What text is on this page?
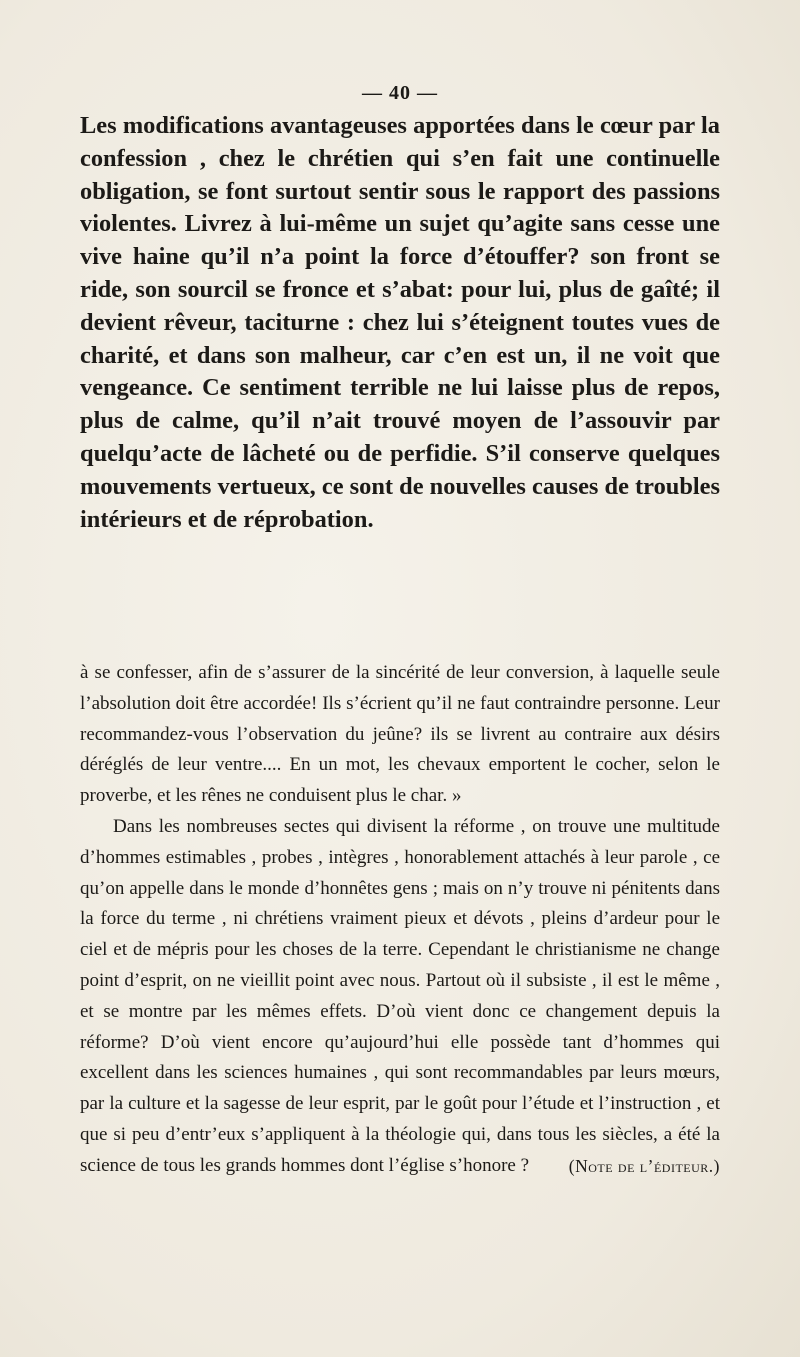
— 40 —

Les modifications avantageuses apportées dans le cœur par la confession , chez le chrétien qui s’en fait une continuelle obligation, se font surtout sentir sous le rapport des passions violentes. Livrez à lui-même un sujet qu’agite sans cesse une vive haine qu’il n’a point la force d’étouffer? son front se ride, son sourcil se fronce et s’abat: pour lui, plus de gaîté; il devient rêveur, taciturne : chez lui s’éteignent toutes vues de charité, et dans son malheur, car c’en est un, il ne voit que vengeance. Ce sentiment terrible ne lui laisse plus de repos, plus de calme, qu’il n’ait trouvé moyen de l’assouvir par quelqu’acte de lâcheté ou de perfidie. S’il conserve quelques mouvements vertueux, ce sont de nouvelles causes de troubles intérieurs et de réprobation.

à se confesser, afin de s’assurer de la sincérité de leur conversion, à laquelle seule l’absolution doit être accordée! Ils s’écrient qu’il ne faut contraindre personne. Leur recommandez-vous l’observation du jeûne? ils se livrent au contraire aux désirs déréglés de leur ventre.... En un mot, les chevaux emportent le cocher, selon le proverbe, et les rênes ne conduisent plus le char. »

Dans les nombreuses sectes qui divisent la réforme , on trouve une multitude d’hommes estimables , probes , intègres , honorablement attachés à leur parole , ce qu’on appelle dans le monde d’honnêtes gens ; mais on n’y trouve ni pénitents dans la force du terme , ni chrétiens vraiment pieux et dévots , pleins d’ardeur pour le ciel et de mépris pour les choses de la terre. Cependant le christianisme ne change point d’esprit, on ne vieillit point avec nous. Partout où il subsiste , il est le même , et se montre par les mêmes effets. D’où vient donc ce changement depuis la réforme? D’où vient encore qu’aujourd’hui elle possède tant d’hommes qui excellent dans les sciences humaines , qui sont recommandables par leurs mœurs, par la culture et la sagesse de leur esprit, par le goût pour l’étude et l’instruction , et que si peu d’entr’eux s’appliquent à la théologie qui, dans tous les siècles, a été la science de tous les grands hommes dont l’église s’honore ?	(Note de l’éditeur.)
